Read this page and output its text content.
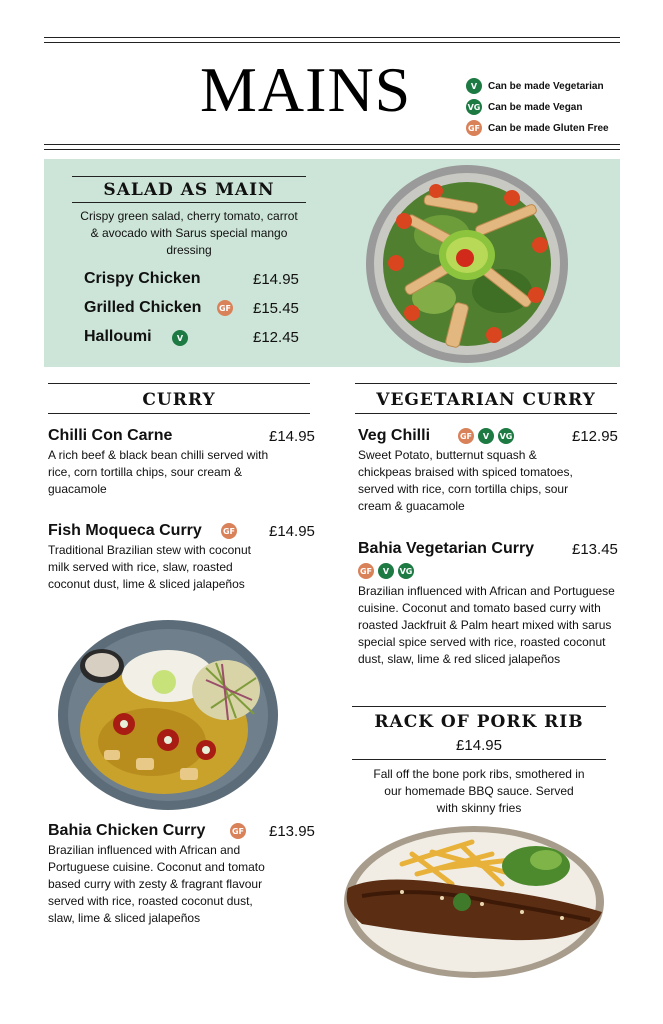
MAINS	V	Can be made Vegetarian
VG Can be made Vegan
GF Can be made Gluten Free
SALAD AS MAIN
Crispy green salad, cherry tomato, carrot & avocado with Sarus special mango dressing
Crispy Chicken	£14.95
Grilled Chicken GF £15.45
Halloumi	V	£12.45
CURRY
Chilli Con Carne	£14.95
A rich beef & black bean chilli served with rice, corn tortilla chips, sour cream & guacamole
Fish Moqueca Curry	GF £14.95
Traditional Brazilian stew with coconut milk served with rice, slaw, roasted coconut dust, lime & sliced jalapeños
Bahia Chicken Curry	GF £13.95
Brazilian influenced with African and Portuguese cuisine. Coconut and tomato based curry with zesty & fragrant flavour served with rice, roasted coconut dust, slaw, lime & sliced jalapeños
VEGETARIAN CURRY
Veg Chilli	GF	V	VG	£12.95
Sweet Potato, butternut squash & chickpeas braised with spiced tomatoes, served with rice, corn tortilla chips, sour cream & guacamole
Bahia Vegetarian Curry	£13.45
GF	V	VG
Brazilian influenced with African and Portuguese cuisine. Coconut and tomato based curry with roasted Jackfruit & Palm heart mixed with sarus special spice served with rice, roasted coconut dust, slaw, lime & red sliced jalapeños
RACK OF PORK RIB
£14.95
Fall off the bone pork ribs, smothered in our homemade BBQ sauce. Served with skinny fries
